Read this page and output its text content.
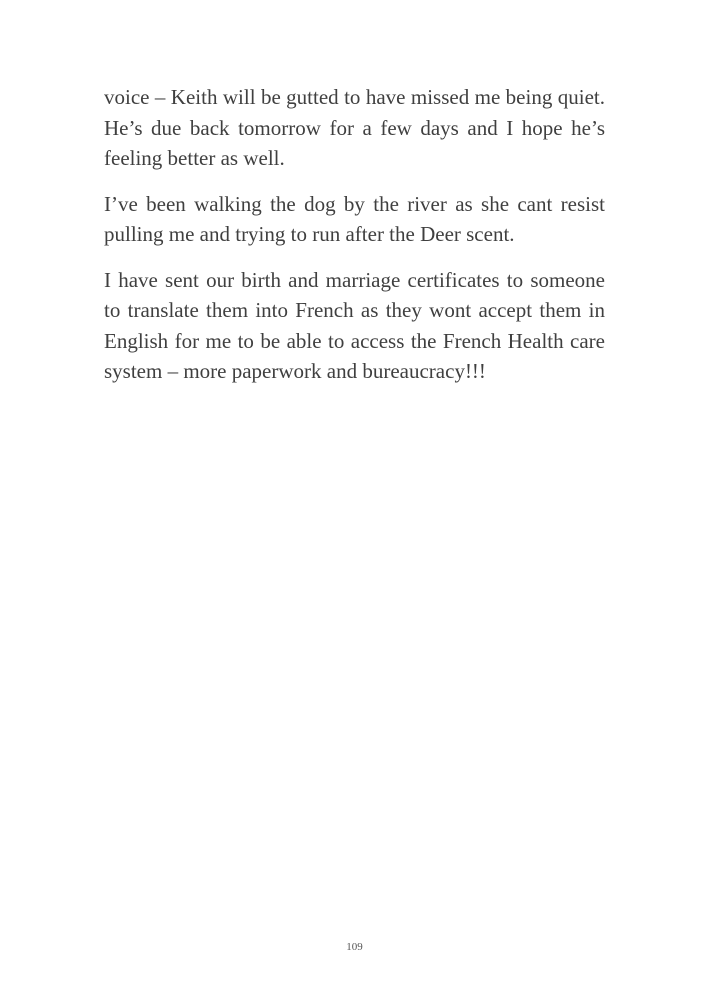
voice – Keith will be gutted to have missed me being quiet. He’s due back tomorrow for a few days and I hope he’s feeling better as well.

I’ve been walking the dog by the river as she cant resist pulling me and trying to run after the Deer scent.

I have sent our birth and marriage certificates to someone to translate them into French as they wont accept them in English for me to be able to access the French Health care system – more paperwork and bureaucracy!!!

109
